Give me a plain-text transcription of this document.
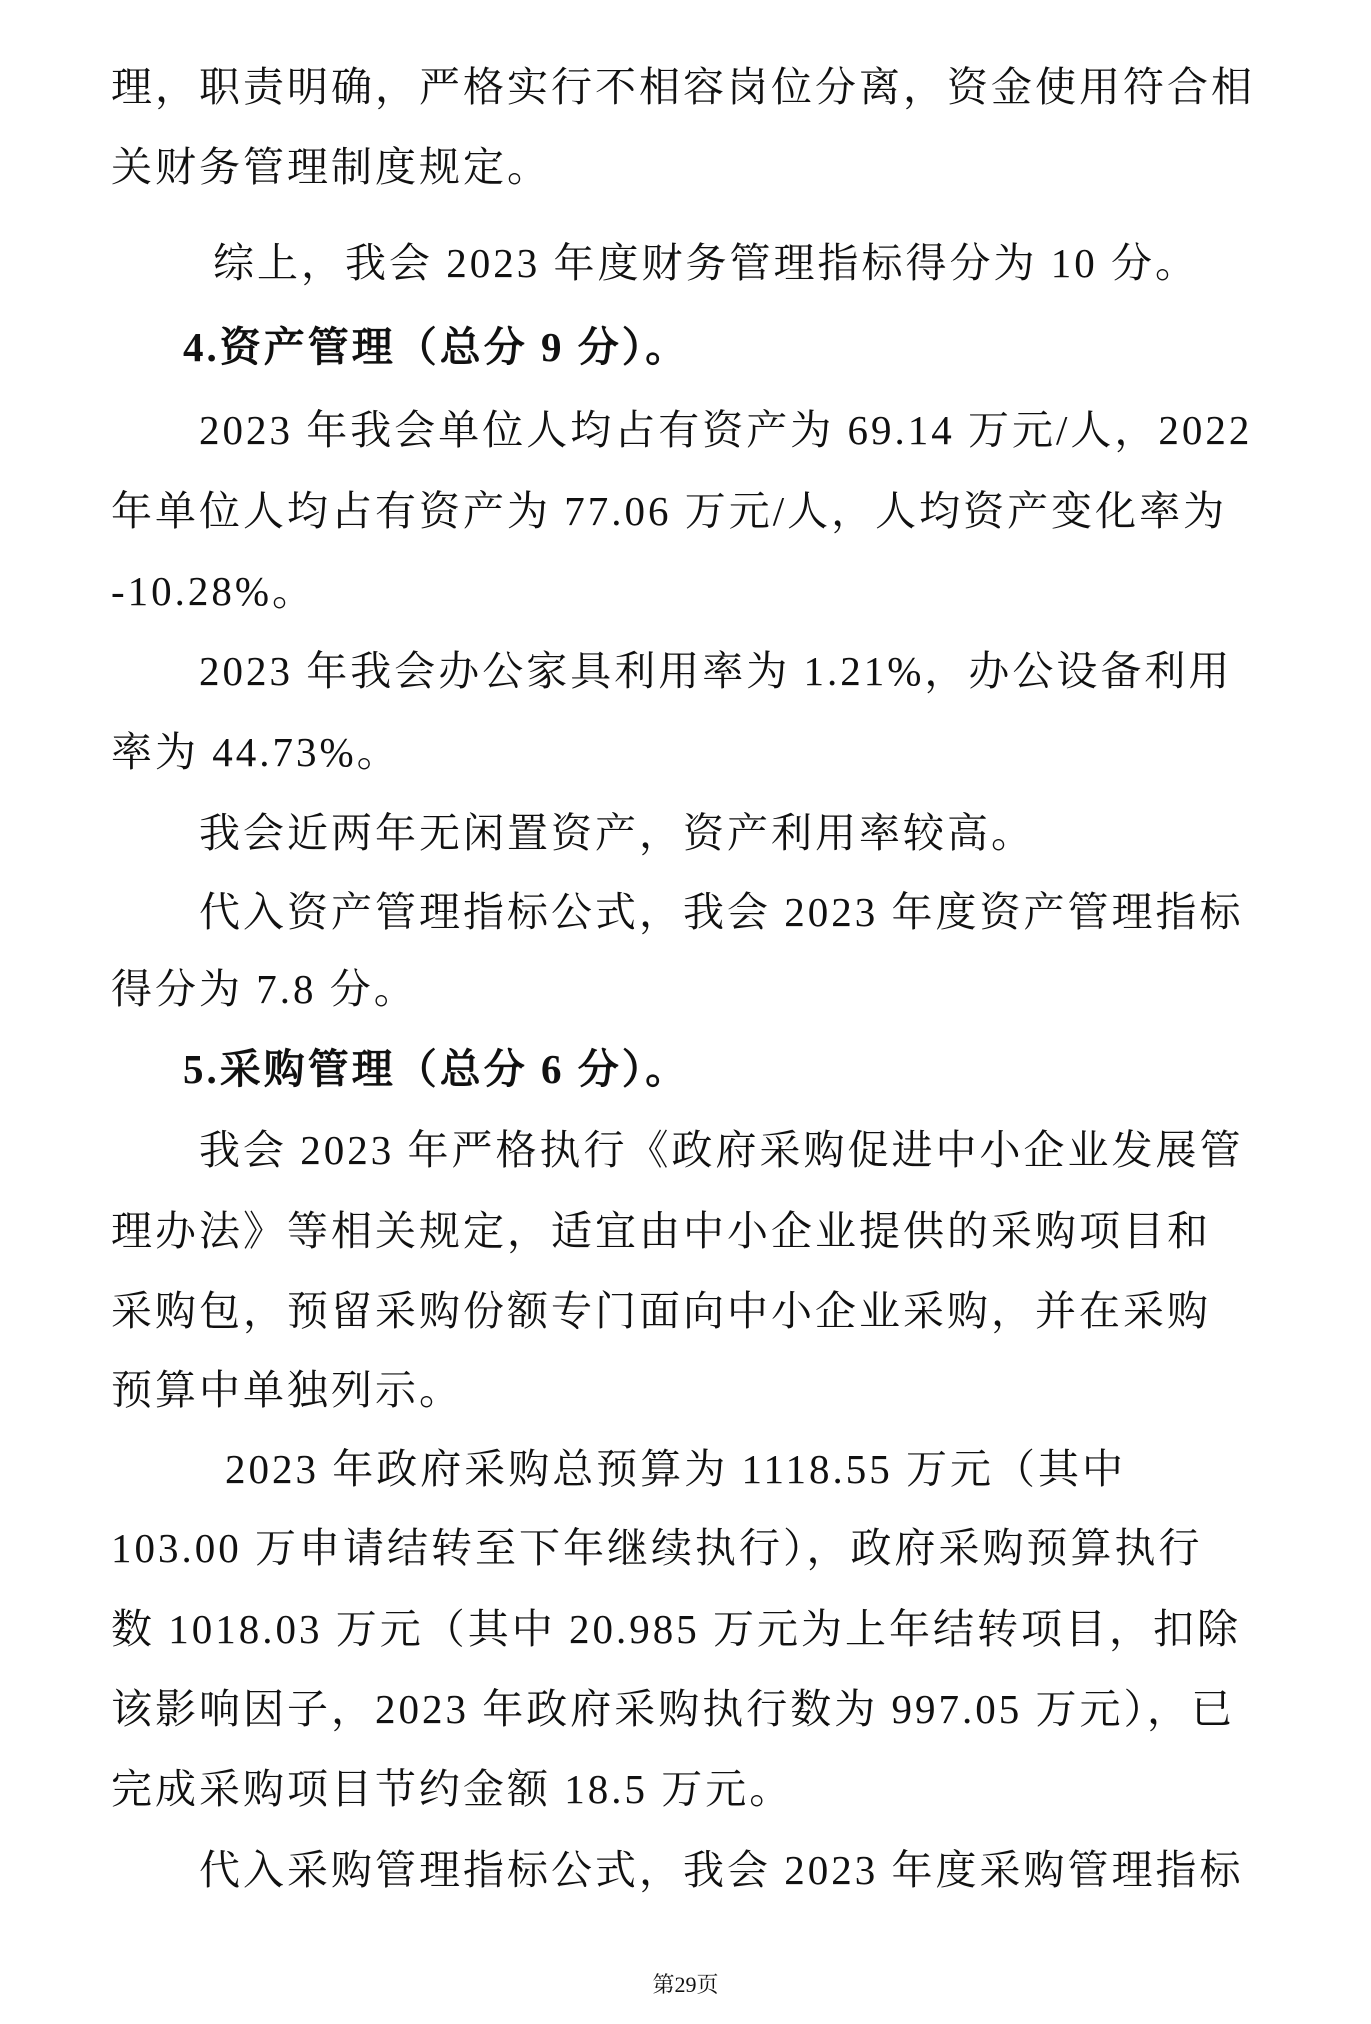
理，职责明确，严格实行不相容岗位分离，资金使用符合相
关财务管理制度规定。
综上，我会 2023 年度财务管理指标得分为 10 分。
4.资产管理（总分 9 分）。
2023 年我会单位人均占有资产为 69.14 万元/人，2022
年单位人均占有资产为 77.06 万元/人，人均资产变化率为
-10.28%。
2023 年我会办公家具利用率为 1.21%，办公设备利用
率为 44.73%。
我会近两年无闲置资产，资产利用率较高。
代入资产管理指标公式，我会 2023 年度资产管理指标
得分为 7.8 分。
5.采购管理（总分 6 分）。
我会 2023 年严格执行《政府采购促进中小企业发展管
理办法》等相关规定，适宜由中小企业提供的采购项目和
采购包，预留采购份额专门面向中小企业采购，并在采购
预算中单独列示。
2023 年政府采购总预算为 1118.55 万元（其中
103.00 万申请结转至下年继续执行），政府采购预算执行
数 1018.03 万元（其中 20.985 万元为上年结转项目，扣除
该影响因子，2023 年政府采购执行数为 997.05 万元），已
完成采购项目节约金额 18.5 万元。
代入采购管理指标公式，我会 2023 年度采购管理指标
第29页
